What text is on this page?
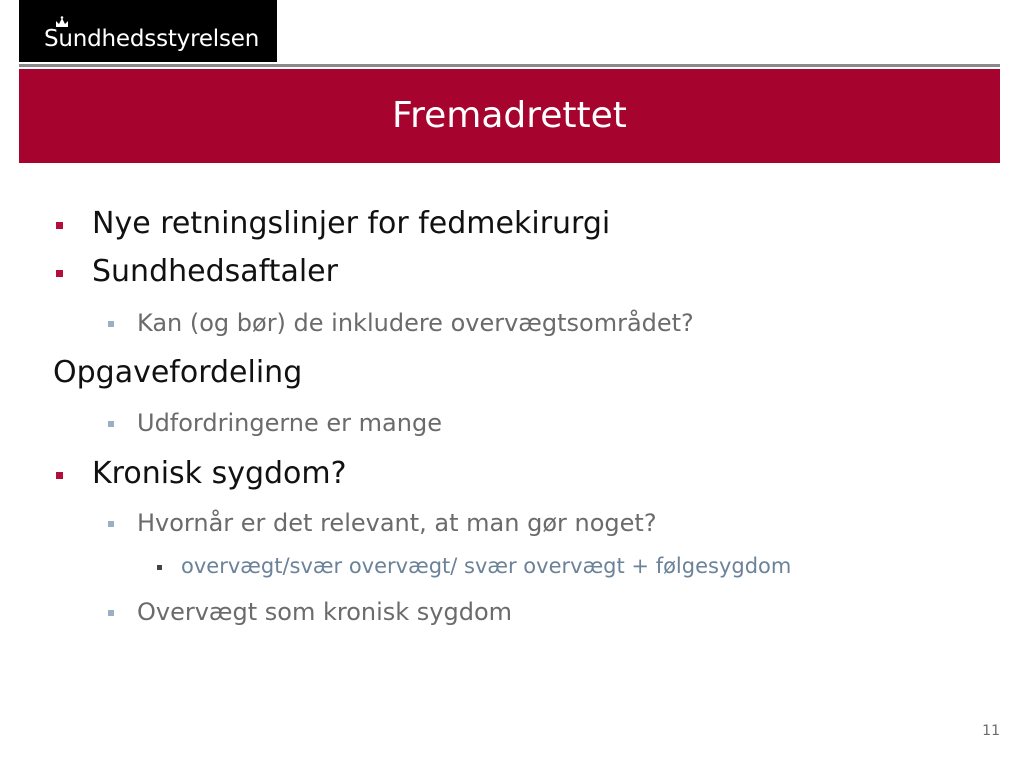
Sundhedsstyrelsen
Fremadrettet
Nye retningslinjer for fedmekirurgi
Sundhedsaftaler
Kan (og bør) de inkludere overvægtsområdet?
Opgavefordeling
Udfordringerne er mange
Kronisk sygdom?
Hvornår er det relevant, at man gør noget?
overvægt/svær overvægt/ svær overvægt + følgesygdom
Overvægt som kronisk sygdom
11
